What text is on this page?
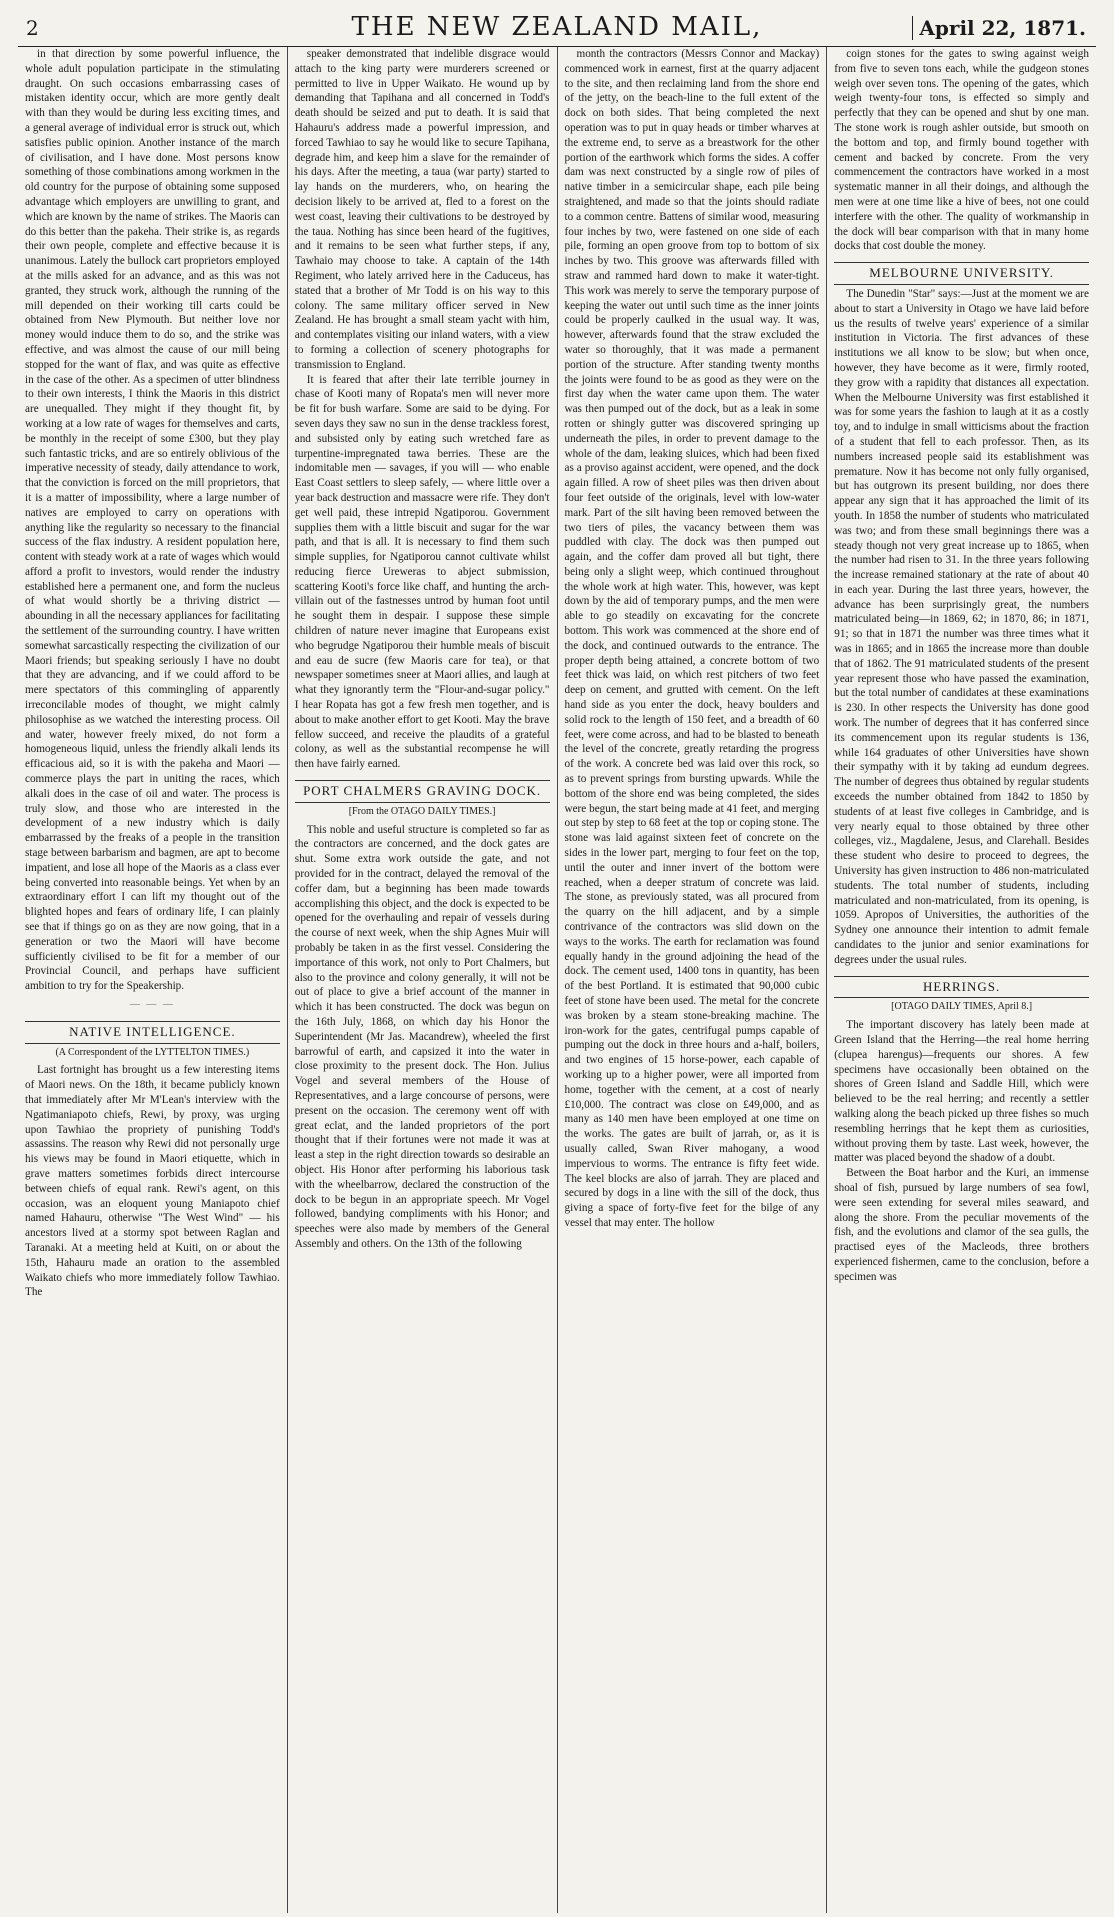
2	THE NEW ZEALAND MAIL,	April 22, 1871.

in that direction by some powerful influence, the whole adult population participate in the stimulating draught. On such occasions embarrassing cases of mistaken identity occur, which are more gently dealt with than they would be during less exciting times, and a general average of individual error is struck out, which satisfies public opinion. Another instance of the march of civilisation, and I have done. Most persons know something of those combinations among workmen in the old country for the purpose of obtaining some supposed advantage which employers are unwilling to grant, and which are known by the name of strikes. The Maoris can do this better than the pakeha. Their strike is, as regards their own people, complete and effective because it is unanimous. Lately the bullock cart proprietors employed at the mills asked for an advance, and as this was not granted, they struck work, although the running of the mill depended on their working till carts could be obtained from New Plymouth. But neither love nor money would induce them to do so, and the strike was effective, and was almost the cause of our mill being stopped for the want of flax, and was quite as effective in the case of the other. As a specimen of utter blindness to their own interests, I think the Maoris in this district are unequalled. They might if they thought fit, by working at a low rate of wages for themselves and carts, be monthly in the receipt of some £300, but they play such fantastic tricks, and are so entirely oblivious of the imperative necessity of steady, daily attendance to work, that the conviction is forced on the mill proprietors, that it is a matter of impossibility, where a large number of natives are employed to carry on operations with anything like the regularity so necessary to the financial success of the flax industry. A resident population here, content with steady work at a rate of wages which would afford a profit to investors, would render the industry established here a permanent one, and form the nucleus of what would shortly be a thriving district — abounding in all the necessary appliances for facilitating the settlement of the surrounding country. I have written somewhat sarcastically respecting the civilization of our Maori friends; but speaking seriously I have no doubt that they are advancing, and if we could afford to be mere spectators of this commingling of apparently irreconcilable modes of thought, we might calmly philosophise as we watched the interesting process. Oil and water, however freely mixed, do not form a homogeneous liquid, unless the friendly alkali lends its efficacious aid, so it is with the pakeha and Maori — commerce plays the part in uniting the races, which alkali does in the case of oil and water. The process is truly slow, and those who are interested in the development of a new industry which is daily embarrassed by the freaks of a people in the transition stage between barbarism and bagmen, are apt to become impatient, and lose all hope of the Maoris as a class ever being converted into reasonable beings. Yet when by an extraordinary effort I can lift my thought out of the blighted hopes and fears of ordinary life, I can plainly see that if things go on as they are now going, that in a generation or two the Maori will have become sufficiently civilised to be fit for a member of our Provincial Council, and perhaps have sufficient ambition to try for the Speakership.

— — —
NATIVE INTELLIGENCE.
(A Correspondent of the LYTTELTON TIMES.)

Last fortnight has brought us a few interesting items of Maori news. On the 18th, it became publicly known that immediately after Mr M'Lean's interview with the Ngatimaniapoto chiefs, Rewi, by proxy, was urging upon Tawhiao the propriety of punishing Todd's assassins. The reason why Rewi did not personally urge his views may be found in Maori etiquette, which in grave matters sometimes forbids direct intercourse between chiefs of equal rank. Rewi's agent, on this occasion, was an eloquent young Maniapoto chief named Hahauru, otherwise "The West Wind" — his ancestors lived at a stormy spot between Raglan and Taranaki. At a meeting held at Kuiti, on or about the 15th, Hahauru made an oration to the assembled Waikato chiefs who more immediately follow Tawhiao. The

speaker demonstrated that indelible disgrace would attach to the king party were murderers screened or permitted to live in Upper Waikato. He wound up by demanding that Tapihana and all concerned in Todd's death should be seized and put to death. It is said that Hahauru's address made a powerful impression, and forced Tawhiao to say he would like to secure Tapihana, degrade him, and keep him a slave for the remainder of his days. After the meeting, a taua (war party) started to lay hands on the murderers, who, on hearing the decision likely to be arrived at, fled to a forest on the west coast, leaving their cultivations to be destroyed by the taua. Nothing has since been heard of the fugitives, and it remains to be seen what further steps, if any, Tawhaio may choose to take. A captain of the 14th Regiment, who lately arrived here in the Caduceus, has stated that a brother of Mr Todd is on his way to this colony. The same military officer served in New Zealand. He has brought a small steam yacht with him, and contemplates visiting our inland waters, with a view to forming a collection of scenery photographs for transmission to England.

It is feared that after their late terrible journey in chase of Kooti many of Ropata's men will never more be fit for bush warfare. Some are said to be dying. For seven days they saw no sun in the dense trackless forest, and subsisted only by eating such wretched fare as turpentine-impregnated tawa berries. These are the indomitable men — savages, if you will — who enable East Coast settlers to sleep safely, — where little over a year back destruction and massacre were rife. They don't get well paid, these intrepid Ngatiporou. Government supplies them with a little biscuit and sugar for the war path, and that is all. It is necessary to find them such simple supplies, for Ngatiporou cannot cultivate whilst reducing fierce Ureweras to abject submission, scattering Kooti's force like chaff, and hunting the arch-villain out of the fastnesses untrod by human foot until he sought them in despair. I suppose these simple children of nature never imagine that Europeans exist who begrudge Ngatiporou their humble meals of biscuit and eau de sucre (few Maoris care for tea), or that newspaper sometimes sneer at Maori allies, and laugh at what they ignorantly term the "Flour-and-sugar policy." I hear Ropata has got a few fresh men together, and is about to make another effort to get Kooti. May the brave fellow succeed, and receive the plaudits of a grateful colony, as well as the substantial recompense he will then have fairly earned.

PORT CHALMERS GRAVING DOCK.
[From the OTAGO DAILY TIMES.]

This noble and useful structure is completed so far as the contractors are concerned, and the dock gates are shut. Some extra work outside the gate, and not provided for in the contract, delayed the removal of the coffer dam, but a beginning has been made towards accomplishing this object, and the dock is expected to be opened for the overhauling and repair of vessels during the course of next week, when the ship Agnes Muir will probably be taken in as the first vessel. Considering the importance of this work, not only to Port Chalmers, but also to the province and colony generally, it will not be out of place to give a brief account of the manner in which it has been constructed. The dock was begun on the 16th July, 1868, on which day his Honor the Superintendent (Mr Jas. Macandrew), wheeled the first barrowful of earth, and capsized it into the water in close proximity to the present dock. The Hon. Julius Vogel and several members of the House of Representatives, and a large concourse of persons, were present on the occasion. The ceremony went off with great eclat, and the landed proprietors of the port thought that if their fortunes were not made it was at least a step in the right direction towards so desirable an object. His Honor after performing his laborious task with the wheelbarrow, declared the construction of the dock to be begun in an appropriate speech. Mr Vogel followed, bandying compliments with his Honor; and speeches were also made by members of the General Assembly and others. On the 13th of the following

month the contractors (Messrs Connor and Mackay) commenced work in earnest, first at the quarry adjacent to the site, and then reclaiming land from the shore end of the jetty, on the beach-line to the full extent of the dock on both sides. That being completed the next operation was to put in quay heads or timber wharves at the extreme end, to serve as a breastwork for the other portion of the earthwork which forms the sides. A coffer dam was next constructed by a single row of piles of native timber in a semicircular shape, each pile being straightened, and made so that the joints should radiate to a common centre. Battens of similar wood, measuring four inches by two, were fastened on one side of each pile, forming an open groove from top to bottom of six inches by two. This groove was afterwards filled with straw and rammed hard down to make it water-tight. This work was merely to serve the temporary purpose of keeping the water out until such time as the inner joints could be properly caulked in the usual way. It was, however, afterwards found that the straw excluded the water so thoroughly, that it was made a permanent portion of the structure. After standing twenty months the joints were found to be as good as they were on the first day when the water came upon them. The water was then pumped out of the dock, but as a leak in some rotten or shingly gutter was discovered springing up underneath the piles, in order to prevent damage to the whole of the dam, leaking sluices, which had been fixed as a proviso against accident, were opened, and the dock again filled. A row of sheet piles was then driven about four feet outside of the originals, level with low-water mark. Part of the silt having been removed between the two tiers of piles, the vacancy between them was puddled with clay. The dock was then pumped out again, and the coffer dam proved all but tight, there being only a slight weep, which continued throughout the whole work at high water. This, however, was kept down by the aid of temporary pumps, and the men were able to go steadily on excavating for the concrete bottom. This work was commenced at the shore end of the dock, and continued outwards to the entrance. The proper depth being attained, a concrete bottom of two feet thick was laid, on which rest pitchers of two feet deep on cement, and grutted with cement. On the left hand side as you enter the dock, heavy boulders and solid rock to the length of 150 feet, and a breadth of 60 feet, were come across, and had to be blasted to beneath the level of the concrete, greatly retarding the progress of the work. A concrete bed was laid over this rock, so as to prevent springs from bursting upwards. While the bottom of the shore end was being completed, the sides were begun, the start being made at 41 feet, and merging out step by step to 68 feet at the top or coping stone. The stone was laid against sixteen feet of concrete on the sides in the lower part, merging to four feet on the top, until the outer and inner invert of the bottom were reached, when a deeper stratum of concrete was laid. The stone, as previously stated, was all procured from the quarry on the hill adjacent, and by a simple contrivance of the contractors was slid down on the ways to the works. The earth for reclamation was found equally handy in the ground adjoining the head of the dock. The cement used, 1400 tons in quantity, has been of the best Portland. It is estimated that 90,000 cubic feet of stone have been used. The metal for the concrete was broken by a steam stone-breaking machine. The iron-work for the gates, centrifugal pumps capable of pumping out the dock in three hours and a-half, boilers, and two engines of 15 horse-power, each capable of working up to a higher power, were all imported from home, together with the cement, at a cost of nearly £10,000. The contract was close on £49,000, and as many as 140 men have been employed at one time on the works. The gates are built of jarrah, or, as it is usually called, Swan River mahogany, a wood impervious to worms. The entrance is fifty feet wide. The keel blocks are also of jarrah. They are placed and secured by dogs in a line with the sill of the dock, thus giving a space of forty-five feet for the bilge of any vessel that may enter. The hollow

coign stones for the gates to swing against weigh from five to seven tons each, while the gudgeon stones weigh over seven tons. The opening of the gates, which weigh twenty-four tons, is effected so simply and perfectly that they can be opened and shut by one man. The stone work is rough ashler outside, but smooth on the bottom and top, and firmly bound together with cement and backed by concrete. From the very commencement the contractors have worked in a most systematic manner in all their doings, and although the men were at one time like a hive of bees, not one could interfere with the other. The quality of workmanship in the dock will bear comparison with that in many home docks that cost double the money.

MELBOURNE UNIVERSITY.

The Dunedin "Star" says:—Just at the moment we are about to start a University in Otago we have laid before us the results of twelve years' experience of a similar institution in Victoria. The first advances of these institutions we all know to be slow; but when once, however, they have become as it were, firmly rooted, they grow with a rapidity that distances all expectation. When the Melbourne University was first established it was for some years the fashion to laugh at it as a costly toy, and to indulge in small witticisms about the fraction of a student that fell to each professor. Then, as its numbers increased people said its establishment was premature. Now it has become not only fully organised, but has outgrown its present building, nor does there appear any sign that it has approached the limit of its youth. In 1858 the number of students who matriculated was two; and from these small beginnings there was a steady though not very great increase up to 1865, when the number had risen to 31. In the three years following the increase remained stationary at the rate of about 40 in each year. During the last three years, however, the advance has been surprisingly great, the numbers matriculated being—in 1869, 62; in 1870, 86; in 1871, 91; so that in 1871 the number was three times what it was in 1865; and in 1865 the increase more than double that of 1862. The 91 matriculated students of the present year represent those who have passed the examination, but the total number of candidates at these examinations is 230. In other respects the University has done good work. The number of degrees that it has conferred since its commencement upon its regular students is 136, while 164 graduates of other Universities have shown their sympathy with it by taking ad eundum degrees. The number of degrees thus obtained by regular students exceeds the number obtained from 1842 to 1850 by students of at least five colleges in Cambridge, and is very nearly equal to those obtained by three other colleges, viz., Magdalene, Jesus, and Clarehall. Besides these student who desire to proceed to degrees, the University has given instruction to 486 non-matriculated students. The total number of students, including matriculated and non-matriculated, from its opening, is 1059. Apropos of Universities, the authorities of the Sydney one announce their intention to admit female candidates to the junior and senior examinations for degrees under the usual rules.

HERRINGS.
[OTAGO DAILY TIMES, April 8.]

The important discovery has lately been made at Green Island that the Herring—the real home herring (clupea harengus)—frequents our shores. A few specimens have occasionally been obtained on the shores of Green Island and Saddle Hill, which were believed to be the real herring; and recently a settler walking along the beach picked up three fishes so much resembling herrings that he kept them as curiosities, without proving them by taste. Last week, however, the matter was placed beyond the shadow of a doubt.

Between the Boat harbor and the Kuri, an immense shoal of fish, pursued by large numbers of sea fowl, were seen extending for several miles seaward, and along the shore. From the peculiar movements of the fish, and the evolutions and clamor of the sea gulls, the practised eyes of the Macleods, three brothers experienced fishermen, came to the conclusion, before a specimen was
